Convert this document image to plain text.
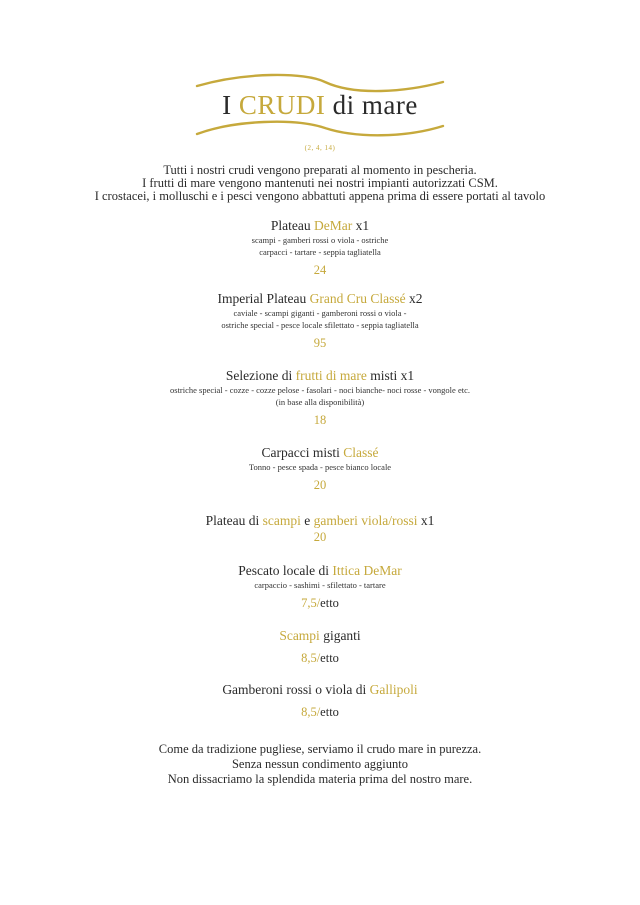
I CRUDI di mare
(2, 4, 14)
Tutti i nostri crudi vengono preparati al momento in pescheria.
I frutti di mare vengono mantenuti nei nostri impianti autorizzati CSM.
I crostacei, i molluschi e i pesci vengono abbattuti appena prima di essere portati al tavolo
Plateau DeMar x1
scampi - gamberi rossi o viola - ostriche
carpacci - tartare - seppia tagliatella
24
Imperial Plateau Grand Cru Classé x2
caviale - scampi giganti - gamberoni rossi o viola -
ostriche special - pesce locale sfilettato - seppia tagliatella
95
Selezione di frutti di mare misti x1
ostriche special - cozze - cozze pelose - fasolari - noci bianche- noci rosse - vongole etc.
(in base alla disponibilità)
18
Carpacci misti Classé
Tonno - pesce spada - pesce bianco locale
20
Plateau di scampi e gamberi viola/rossi x1
20
Pescato locale di Ittica DeMar
carpaccio - sashimi - sfilettato - tartare
7,5/etto
Scampi giganti
8,5/etto
Gamberoni rossi o viola di Gallipoli
8,5/etto
Come da tradizione pugliese, serviamo il crudo mare in purezza.
Senza nessun condimento aggiunto
Non dissacriamo la splendida materia prima del nostro mare.
